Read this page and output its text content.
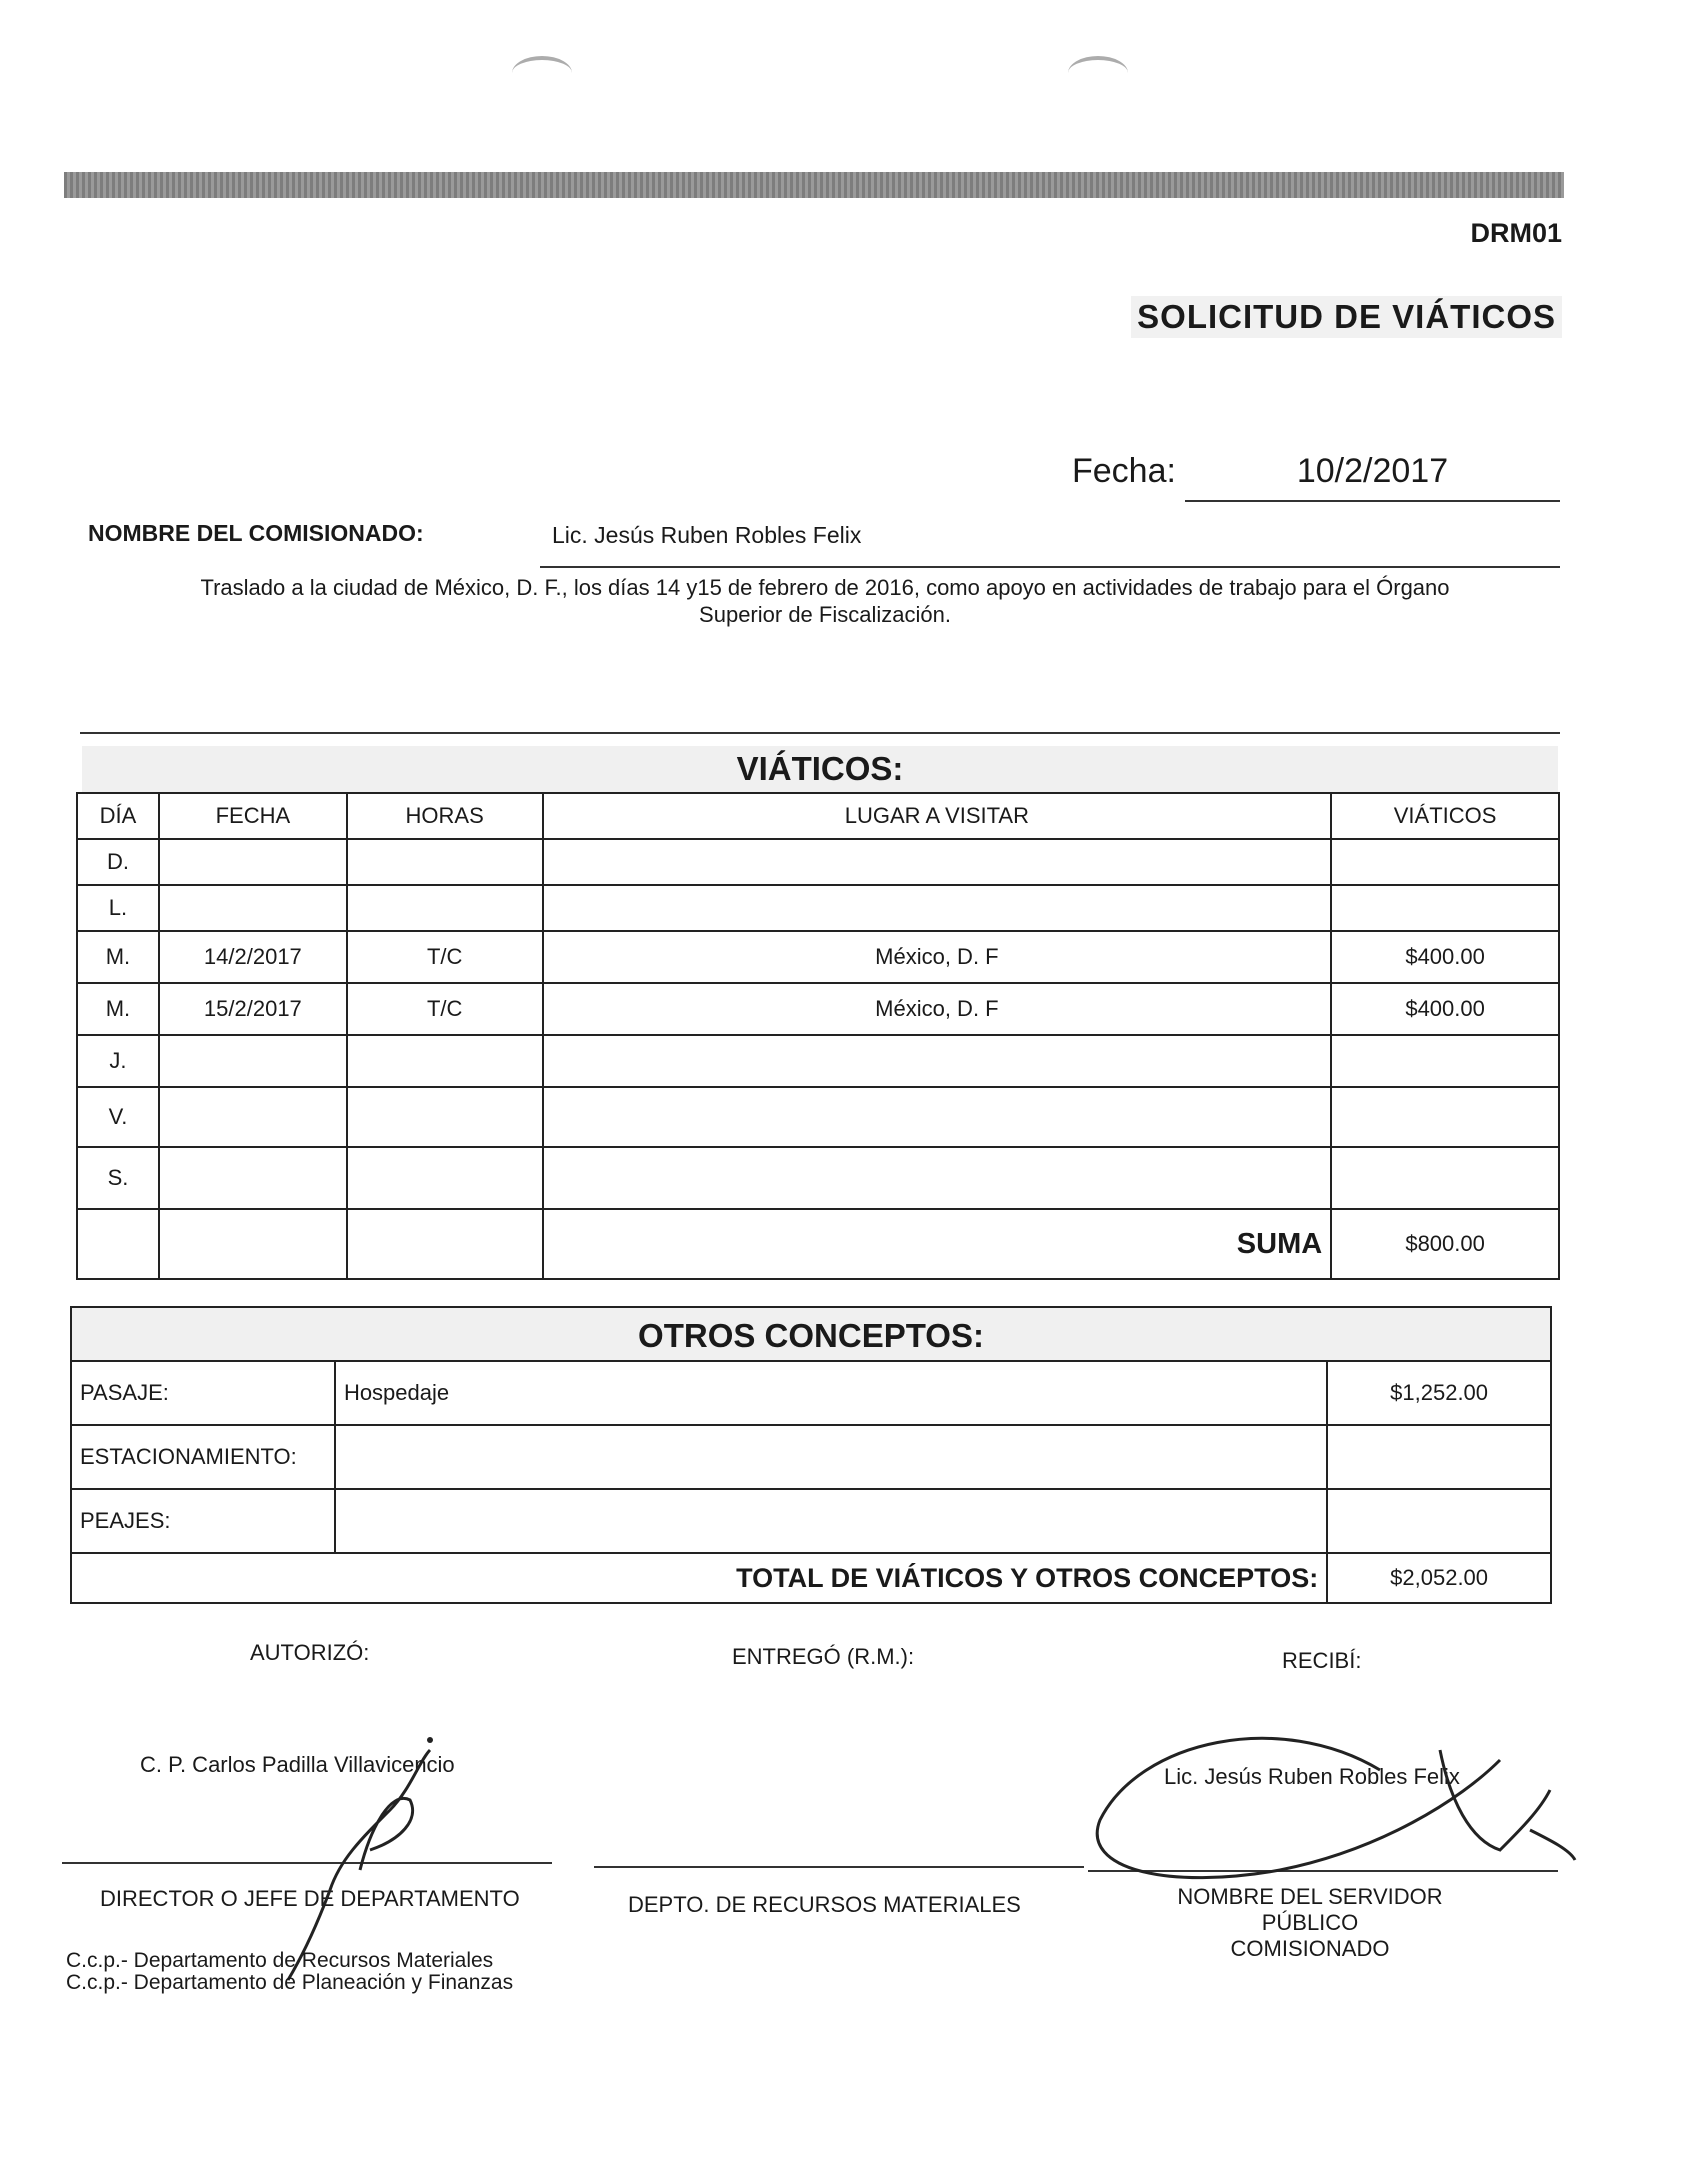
DRM01
SOLICITUD DE VIÁTICOS
Fecha:	10/2/2017
NOMBRE DEL COMISIONADO:	Lic. Jesús Ruben Robles Felix
Traslado a la ciudad de México, D. F., los días 14 y15 de febrero de 2016, como apoyo en actividades de trabajo para el Órgano
Superior de Fiscalización.
VIÁTICOS:
DÍA	FECHA	HORAS	LUGAR A VISITAR	VIÁTICOS
D.				
L.				
M.	14/2/2017	T/C	México, D. F	$400.00
M.	15/2/2017	T/C	México, D. F	$400.00
J.				
V.				
S.				
			SUMA	$800.00
OTROS CONCEPTOS:
PASAJE:	Hospedaje	$1,252.00
ESTACIONAMIENTO:		
PEAJES:		
TOTAL DE VIÁTICOS Y OTROS CONCEPTOS:		$2,052.00
AUTORIZÓ:	ENTREGÓ (R.M.):	RECIBÍ:
C. P. Carlos Padilla Villavicencio	Lic. Jesús Ruben Robles Felix
DIRECTOR O JEFE DE DEPARTAMENTO	DEPTO. DE RECURSOS MATERIALES	NOMBRE DEL SERVIDOR PÚBLICO
COMISIONADO
C.c.p.- Departamento de Recursos Materiales
C.c.p.- Departamento de Planeación y Finanzas
